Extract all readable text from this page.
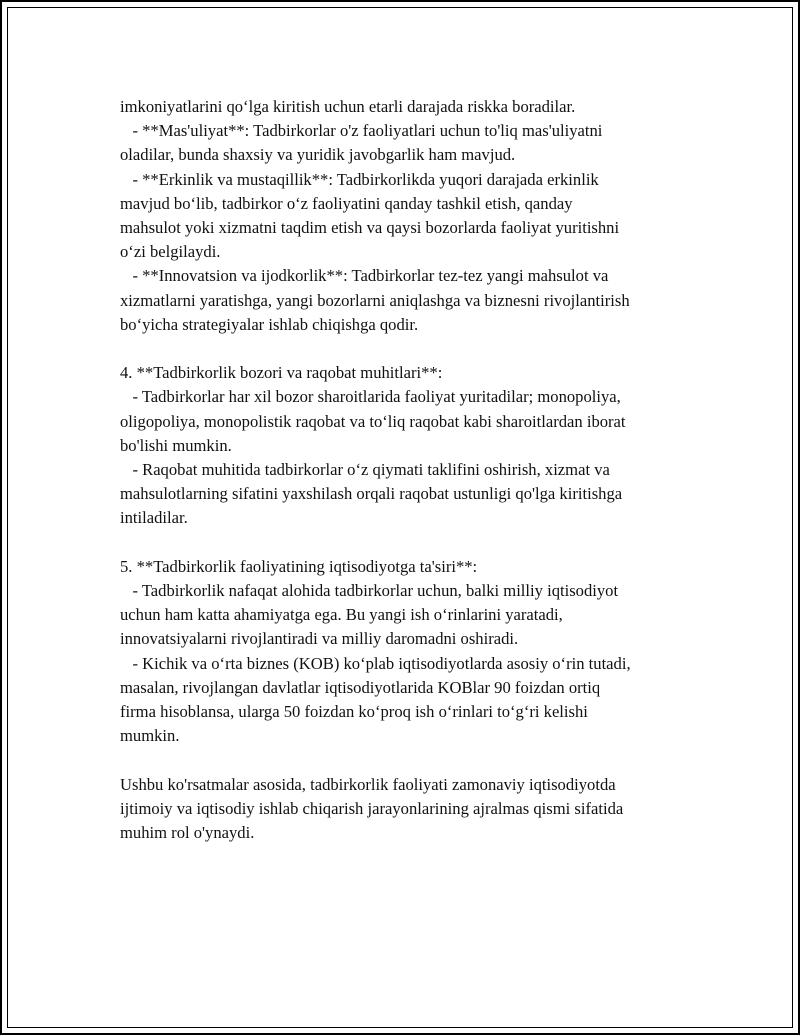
imkoniyatlarini qo‘lga kiritish uchun etarli darajada riskka boradilar.
- **Mas'uliyat**: Tadbirkorlar o'z faoliyatlari uchun to'liq mas'uliyatni
oladilar, bunda shaxsiy va yuridik javobgarlik ham mavjud.
- **Erkinlik va mustaqillik**: Tadbirkorlikda yuqori darajada erkinlik
mavjud bo‘lib, tadbirkor o‘z faoliyatini qanday tashkil etish, qanday
mahsulot yoki xizmatni taqdim etish va qaysi bozorlarda faoliyat yuritishni
o‘zi belgilaydi.
- **Innovatsion va ijodkorlik**: Tadbirkorlar tez-tez yangi mahsulot va
xizmatlarni yaratishga, yangi bozorlarni aniqlashga va biznesni rivojlantirish
bo‘yicha strategiyalar ishlab chiqishga qodir.
4. **Tadbirkorlik bozori va raqobat muhitlari**:
- Tadbirkorlar har xil bozor sharoitlarida faoliyat yuritadilar; monopoliya,
oligopoliya, monopolistik raqobat va to‘liq raqobat kabi sharoitlardan iborat
bo'lishi mumkin.
- Raqobat muhitida tadbirkorlar o‘z qiymati taklifini oshirish, xizmat va
mahsulotlarning sifatini yaxshilash orqali raqobat ustunligi qo'lga kiritishga
intiladilar.
5. **Tadbirkorlik faoliyatining iqtisodiyotga ta'siri**:
- Tadbirkorlik nafaqat alohida tadbirkorlar uchun, balki milliy iqtisodiyot
uchun ham katta ahamiyatga ega. Bu yangi ish o‘rinlarini yaratadi,
innovatsiyalarni rivojlantiradi va milliy daromadni oshiradi.
- Kichik va o‘rta biznes (KOB) ko‘plab iqtisodiyotlarda asosiy o‘rin tutadi,
masalan, rivojlangan davlatlar iqtisodiyotlarida KOBlar 90 foizdan ortiq
firma hisoblansa, ularga 50 foizdan ko‘proq ish o‘rinlari to‘g‘ri kelishi
mumkin.
Ushbu ko'rsatmalar asosida, tadbirkorlik faoliyati zamonaviy iqtisodiyotda
ijtimoiy va iqtisodiy ishlab chiqarish jarayonlarining ajralmas qismi sifatida
muhim rol o'ynaydi.
